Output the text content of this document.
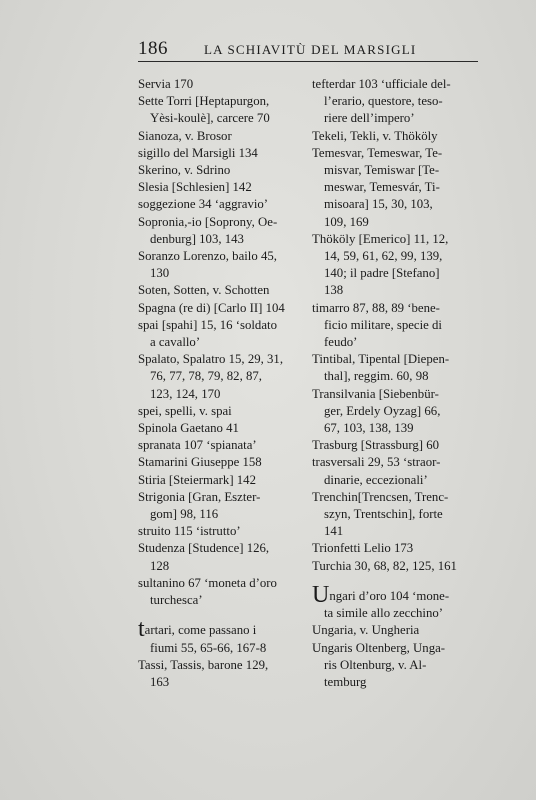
186	LA SCHIAVITÙ DEL MARSIGLI

Servia 170

Sette Torri [Heptapurgon,
Yèsi-koulè], carcere 70

Sianoza, v. Brosor

sigillo del Marsigli 134

Skerino, v. Sdrino

Slesia [Schlesien] 142

soggezione 34 ‘aggravio’

Sopronia,-io [Soprony, Oe-
denburg] 103, 143

Soranzo Lorenzo, bailo 45,
130

Soten, Sotten, v. Schotten

Spagna (re di) [Carlo II] 104

spai [spahi] 15, 16 ‘soldato
a cavallo’

Spalato, Spalatro 15, 29, 31,
76, 77, 78, 79, 82, 87,
123, 124, 170

spei, spelli, v. spai

Spinola Gaetano 41

spranata 107 ‘spianata’

Stamarini Giuseppe 158

Stiria [Steiermark] 142

Strigonia [Gran, Eszter-
gom] 98, 116

struito 115 ‘istrutto’

Studenza [Studence] 126,
128

sultanino 67 ‘moneta d’oro
turchesca’

tartari, come passano i
fiumi 55, 65-66, 167-8

Tassi, Tassis, barone 129,
163

tefterdar 103 ‘ufficiale del-
l’erario, questore, teso-
riere dell’impero’

Tekeli, Tekli, v. Thököly

Temesvar, Temeswar, Te-
misvar, Temiswar [Te-
meswar, Temesvár, Ti-
misoara] 15, 30, 103,
109, 169

Thököly [Emerico] 11, 12,
14, 59, 61, 62, 99, 139,
140; il padre [Stefano]
138

timarro 87, 88, 89 ‘bene-
ficio militare, specie di
feudo’

Tintibal, Tipental [Diepen-
thal], reggim. 60, 98

Transilvania [Siebenbür-
ger, Erdely Oyzag] 66,
67, 103, 138, 139

Trasburg [Strassburg] 60

trasversali 29, 53 ‘straor-
dinarie, eccezionali’

Trenchin[Trencsen, Trenc-
szyn, Trentschin], forte
141

Trionfetti Lelio 173

Turchia 30, 68, 82, 125, 161

Ungari d’oro 104 ‘mone-
ta simile allo zecchino’

Ungaria, v. Ungheria

Ungaris Oltenberg, Unga-
ris Oltenburg, v. Al-
temburg
